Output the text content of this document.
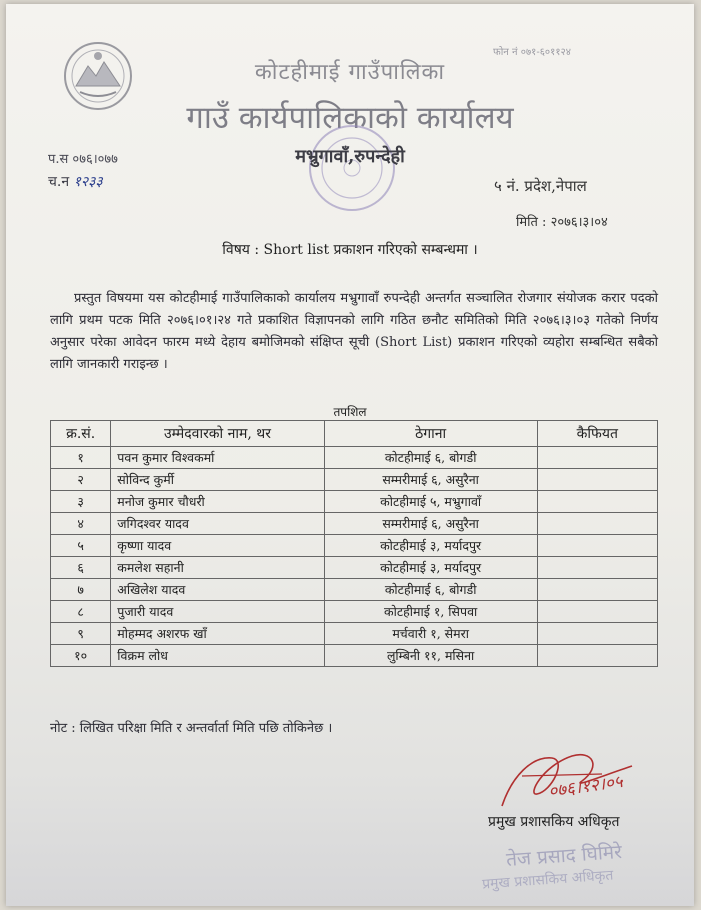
फोन नं ०७१-६०११२४
कोटहीमाई गाउँपालिका
गाउँ कार्यपालिकाको कार्यालय
मभ्रुगावाँ,रुपन्देही
प.स ०७६।०७७
च.न १२३३	५ नं. प्रदेश,नेपाल
मिति : २०७६।३।०४
विषय : Short list प्रकाशन गरिएको सम्बन्धमा ।
प्रस्तुत विषयमा यस कोटहीमाई गाउँपालिकाको कार्यालय मभ्रुगावाँ रुपन्देही अन्तर्गत सञ्चालित रोजगार संयोजक करार पदको लागि प्रथम पटक मिति २०७६।०१।२४ गते प्रकाशित विज्ञापनको लागि गठित छनौट समितिको मिति २०७६।३।०३ गतेको निर्णय अनुसार परेका आवेदन फारम मध्ये देहाय बमोजिमको संक्षिप्त सूची (Short List) प्रकाशन गरिएको व्यहोरा सम्बन्धित सबैको लागि जानकारी गराइन्छ ।
तपशिल
क्र.सं.	उम्मेदवारको नाम, थर	ठेगाना	कैफियत
१	पवन कुमार विश्वकर्मा	कोटहीमाई ६, बोगडी	
२	सोविन्द कुर्मी	सम्मरीमाई ६, असुरैना	
३	मनोज कुमार चौधरी	कोटहीमाई ५, मभ्रुगावाँ	
४	जगिदश्वर यादव	सम्मरीमाई ६, असुरैना	
५	कृष्णा यादव	कोटहीमाई ३, मर्यादपुर	
६	कमलेश सहानी	कोटहीमाई ३, मर्यादपुर	
७	अखिलेश यादव	कोटहीमाई ६, बोगडी	
८	पुजारी यादव	कोटहीमाई १, सिपवा	
९	मोहम्मद अशरफ खाँ	मर्चवारी १, सेमरा	
१०	विक्रम लोध	लुम्बिनी ११, मसिना	
नोट : लिखित परिक्षा मिति र अन्तर्वार्ता मिति पछि तोकिनेछ ।
०७६।१२।०५
प्रमुख प्रशासकिय अधिकृत
तेज प्रसाद घिमिरे
प्रमुख प्रशासकिय अधिकृत
